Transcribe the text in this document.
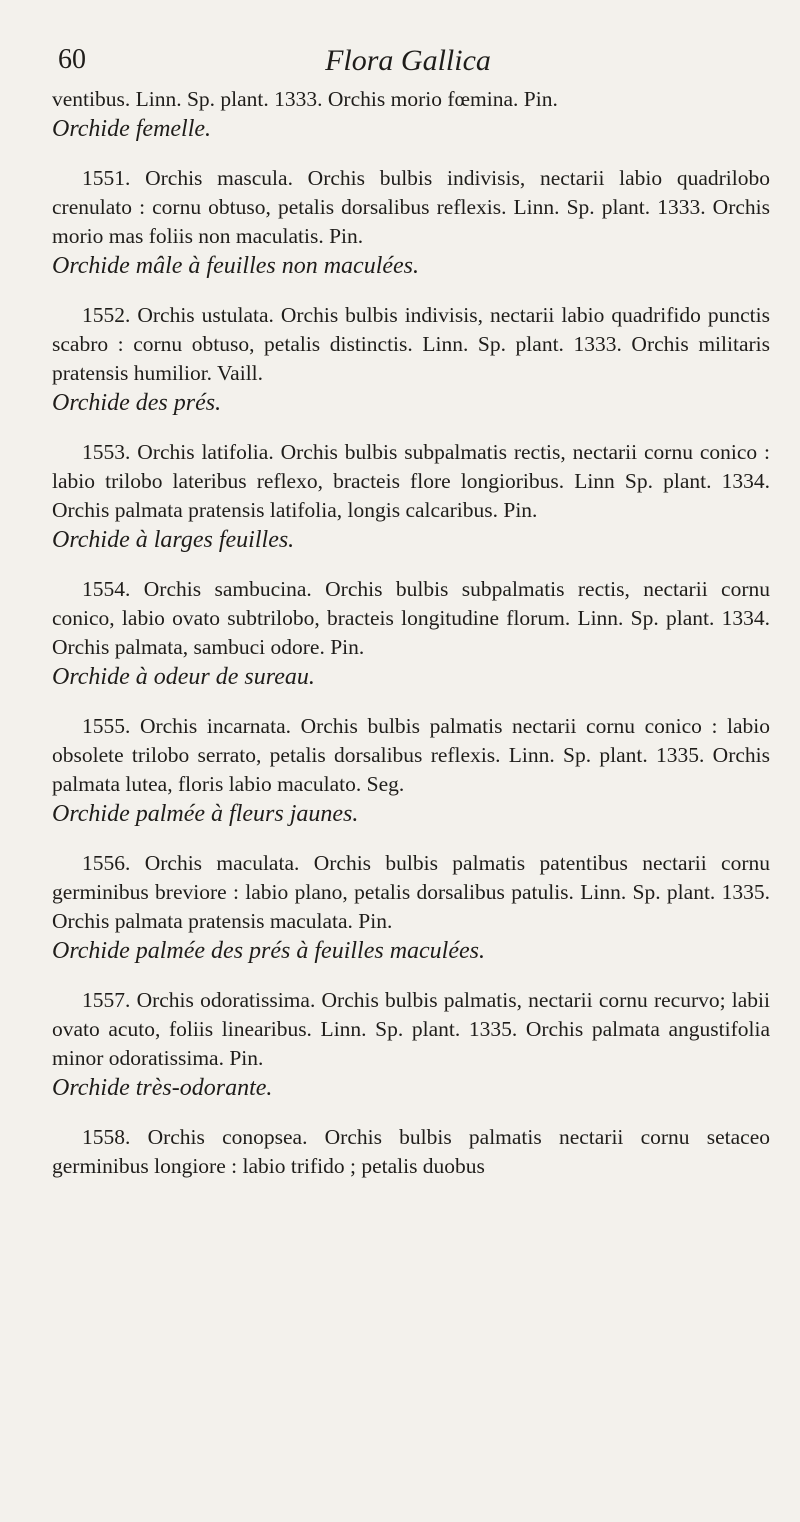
60	Flora Gallica

ventibus. Linn. Sp. plant. 1333. Orchis morio fœmina. Pin.

Orchide femelle.

1551. Orchis mascula. Orchis bulbis indivisis, nectarii labio quadrilobo crenulato : cornu obtuso, petalis dorsalibus reflexis. Linn. Sp. plant. 1333. Orchis morio mas foliis non maculatis. Pin.

Orchide mâle à feuilles non maculées.

1552. Orchis ustulata. Orchis bulbis indivisis, nectarii labio quadrifido punctis scabro : cornu obtuso, petalis distinctis. Linn. Sp. plant. 1333. Orchis militaris pratensis humilior. Vaill.

Orchide des prés.

1553. Orchis latifolia. Orchis bulbis subpalmatis rectis, nectarii cornu conico : labio trilobo lateribus reflexo, bracteis flore longioribus. Linn Sp. plant. 1334. Orchis palmata pratensis latifolia, longis calcaribus. Pin.

Orchide à larges feuilles.

1554. Orchis sambucina. Orchis bulbis subpalmatis rectis, nectarii cornu conico, labio ovato subtrilobo, bracteis longitudine florum. Linn. Sp. plant. 1334. Orchis palmata, sambuci odore. Pin.

Orchide à odeur de sureau.

1555. Orchis incarnata. Orchis bulbis palmatis nectarii cornu conico : labio obsolete trilobo serrato, petalis dorsalibus reflexis. Linn. Sp. plant. 1335. Orchis palmata lutea, floris labio maculato. Seg.

Orchide palmée à fleurs jaunes.

1556. Orchis maculata. Orchis bulbis palmatis patentibus nectarii cornu germinibus breviore : labio plano, petalis dorsalibus patulis. Linn. Sp. plant. 1335. Orchis palmata pratensis maculata. Pin.

Orchide palmée des prés à feuilles maculées.

1557. Orchis odoratissima. Orchis bulbis palmatis, nectarii cornu recurvo; labii ovato acuto, foliis linearibus. Linn. Sp. plant. 1335. Orchis palmata angustifolia minor odoratissima. Pin.

Orchide très-odorante.

1558. Orchis conopsea. Orchis bulbis palmatis nectarii cornu setaceo germinibus longiore : labio trifido ; petalis duobus
